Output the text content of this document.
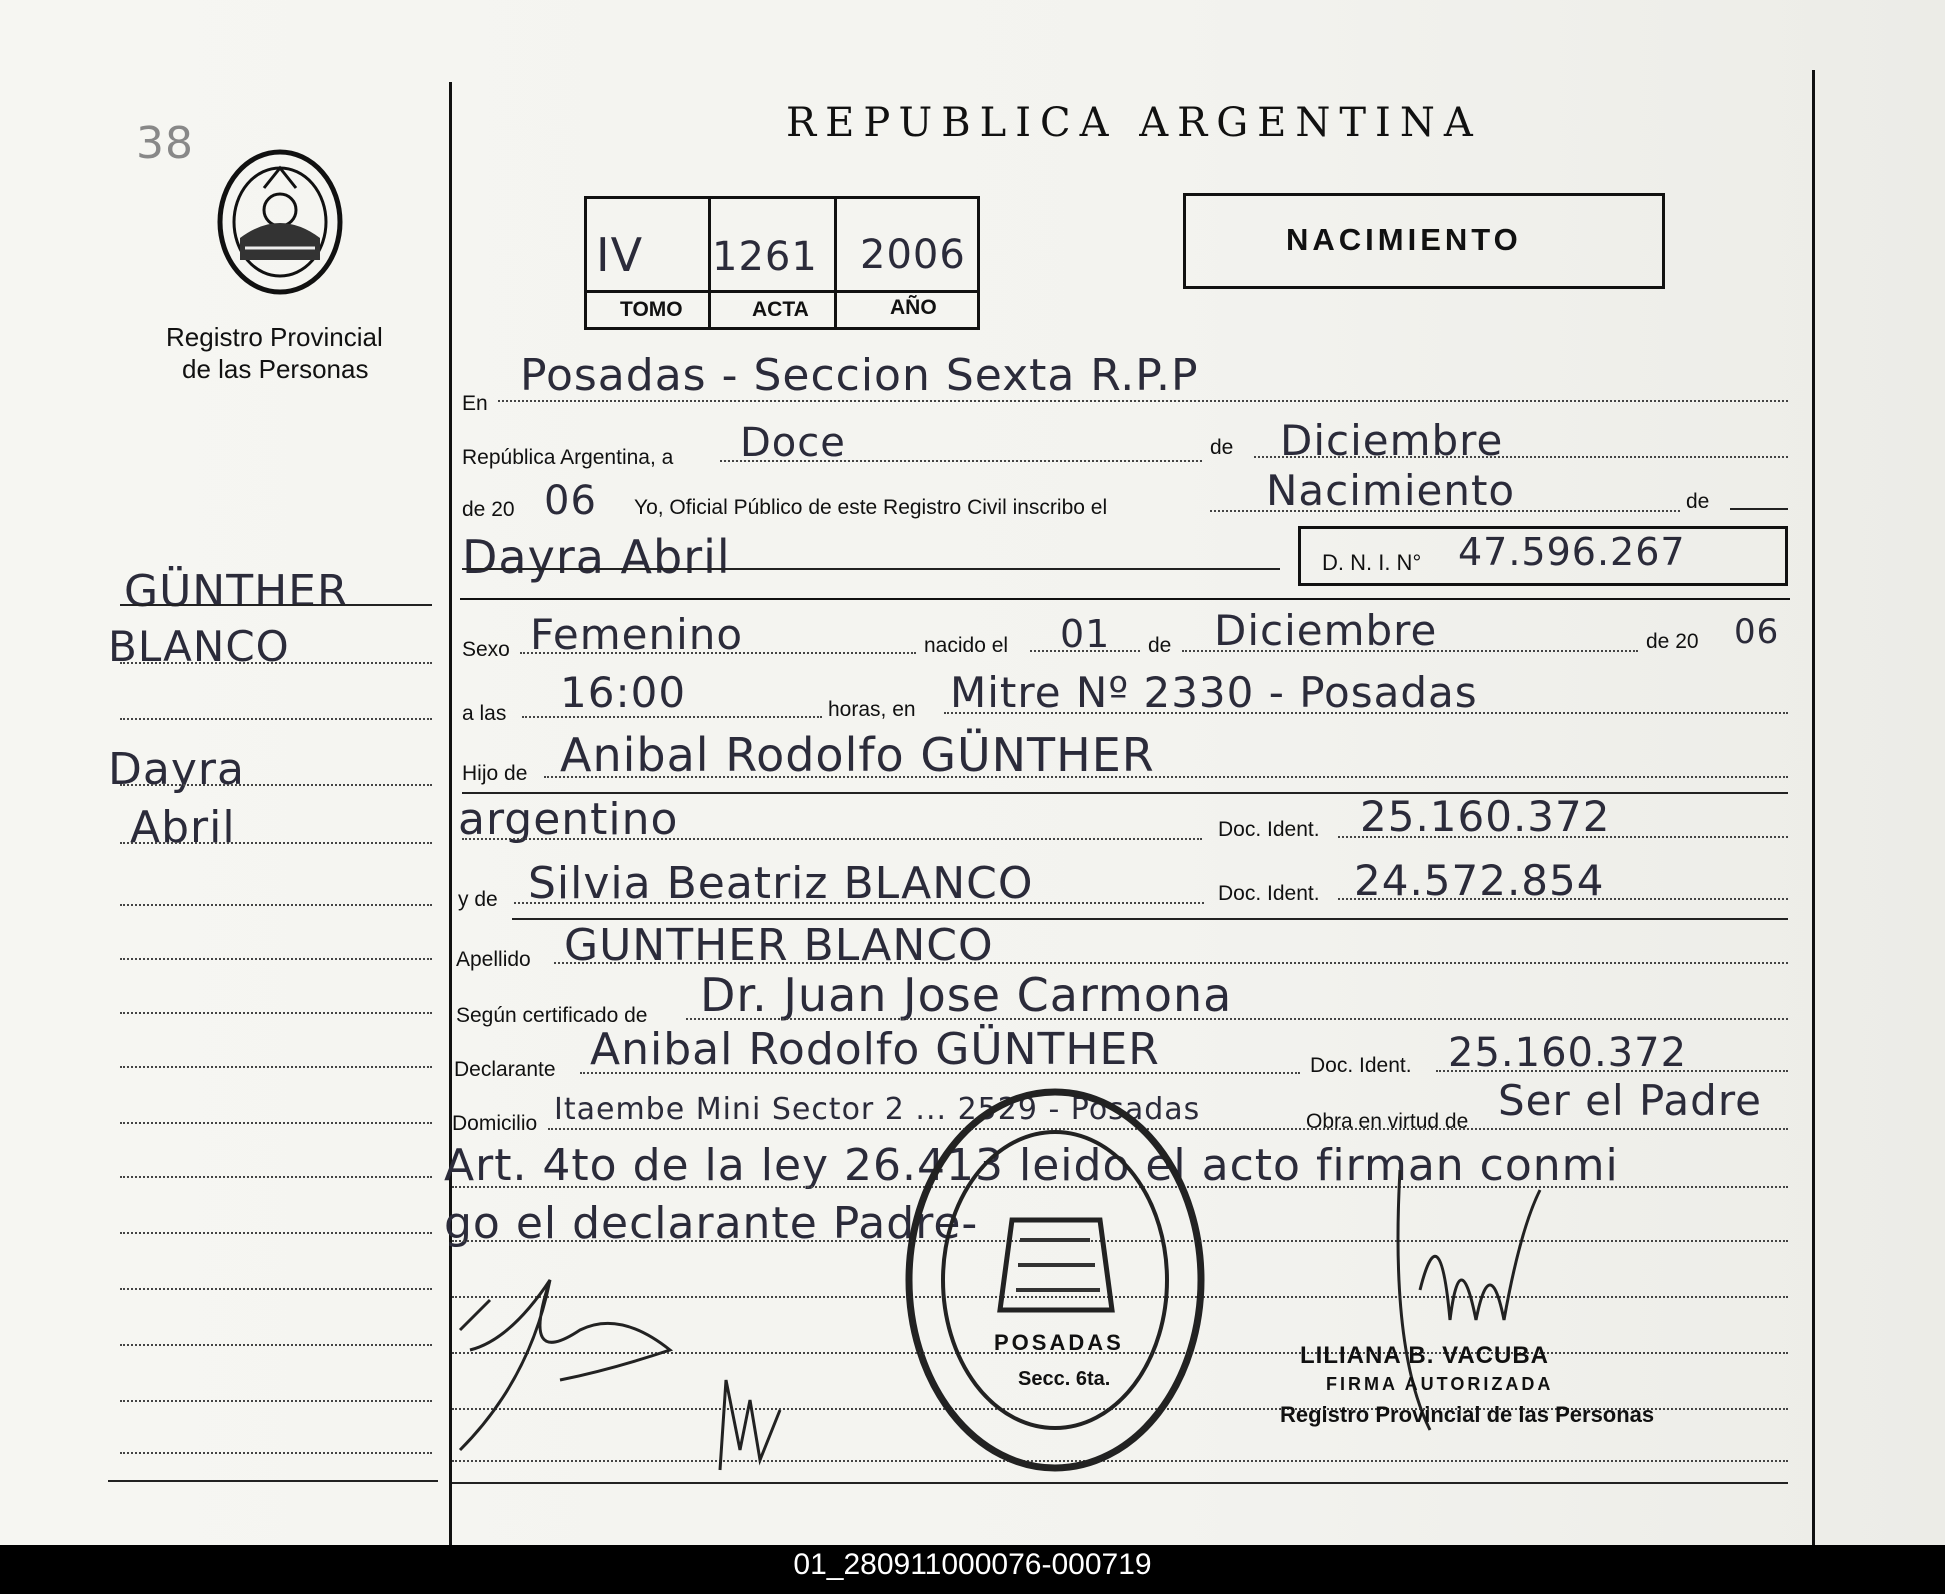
38
Registro Provincial
de las Personas
REPUBLICA ARGENTINA
IV 1261 2006
TOMO	ACTA	AÑO
NACIMIENTO
GÜNTHER
BLANCO
Dayra
Abril
En
Posadas - Seccion Sexta R.P.P
República Argentina, a Doce	de Diciembre
de 20 06 Yo, Oficial Público de este Registro Civil inscribo el	Nacimiento	de
Dayra Abril	D. N. I. N° 47.596.267
Sexo Femenino	nacido el 01 de Diciembre	de 20 06
a las 16:00	horas, en Mitre Nº 2330 - Posadas
Hijo de Anibal Rodolfo GÜNTHER
argentino	Doc. Ident. 25.160.372
y de Silvia Beatriz BLANCO	Doc. Ident. 24.572.854
Apellido GUNTHER BLANCO
Según certificado de Dr. Juan Jose Carmona
Declarante Anibal Rodolfo GÜNTHER	Doc. Ident. 25.160.372
Domicilio Itaembe Mini Sector 2 ... 2529 - Posadas	Obra en virtud de Ser el Padre
Art. 4to de la ley 26.413 leido el acto firman conmi
go el declarante Padre-
POSADAS
Secc. 6ta.
LILIANA B. VACUBA
FIRMA AUTORIZADA
Registro Provincial de las Personas
01_280911000076-000719
